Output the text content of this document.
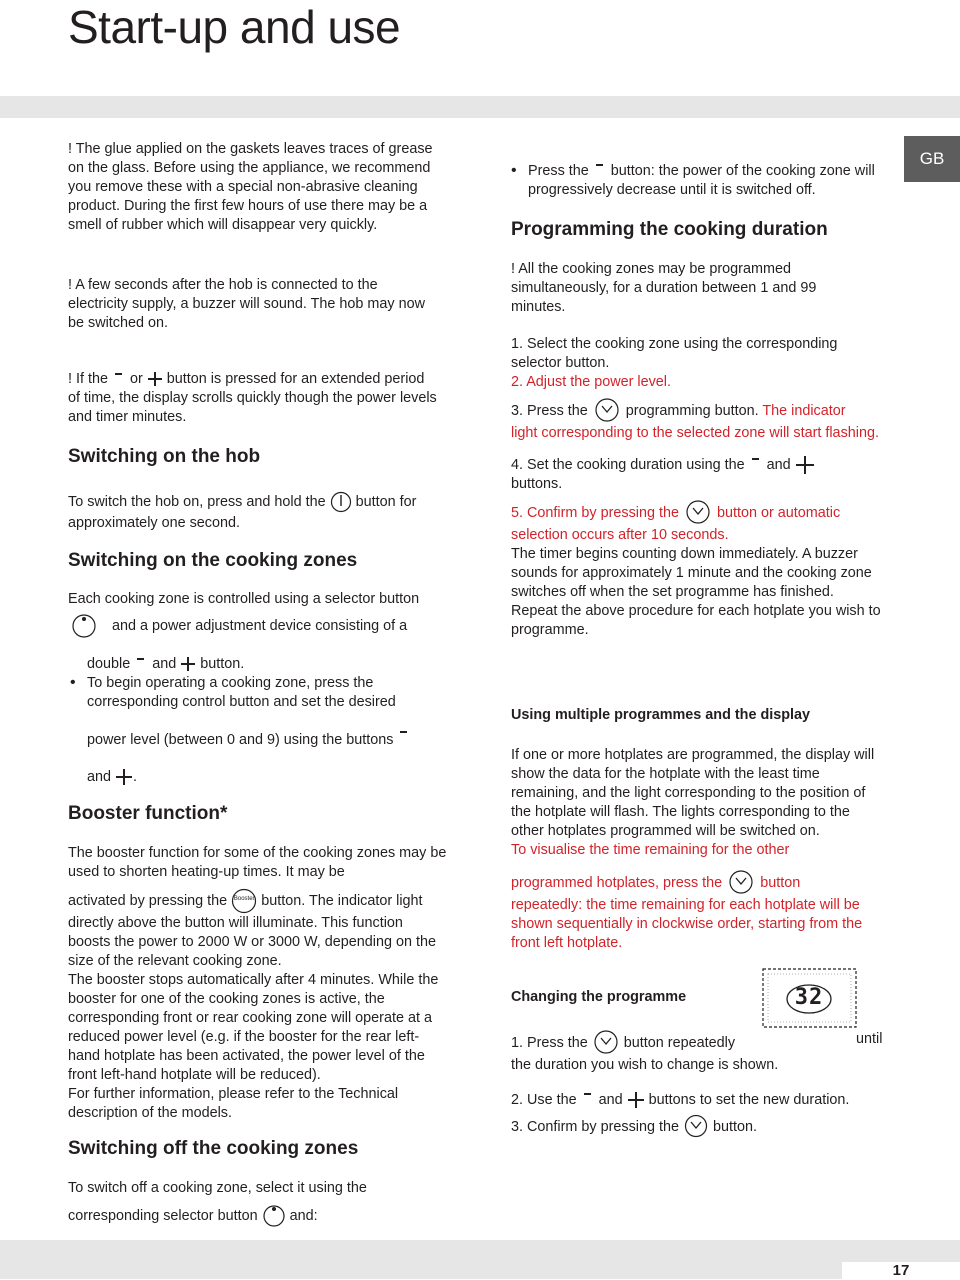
Start-up and use
GB

! The glue applied on the gaskets leaves traces of grease on the glass. Before using the appliance, we recommend you remove these with a special non-abrasive cleaning product. During the first few hours of use there may be a smell of rubber which will disappear very quickly.

! A few seconds after the hob is connected to the electricity supply, a buzzer will sound. The hob may now be switched on.

! If the or button is pressed for an extended period of time, the display scrolls quickly though the power levels and timer minutes.

Switching on the hob

To switch the hob on, press and hold the button for approximately one second.

Switching on the cooking zones

Each cooking zone is controlled using a selector button

and a power adjustment device consisting of a

double and button.

• To begin operating a cooking zone, press the corresponding control button and set the desired

power level (between 0 and 9) using the buttons

and .

Booster function*

The booster function for some of the cooking zones may be used to shorten heating-up times. It may be

activated by pressing the	Booster button. The indicator light

directly above the button will illuminate. This function boosts the power to 2000 W or 3000 W, depending on the size of the relevant cooking zone.

The booster stops automatically after 4 minutes. While the booster for one of the cooking zones is active, the corresponding front or rear cooking zone will operate at a reduced power level (e.g. if the booster for the rear left-hand hotplate has been activated, the power level of the front left-hand hotplate will be reduced).

For further information, please refer to the Technical description of the models.

Switching off the cooking zones

To switch off a cooking zone, select it using the

corresponding selector button and:

• Press the button: the power of the cooking zone will progressively decrease until it is switched off.

Programming the cooking duration

! All the cooking zones may be programmed simultaneously, for a duration between 1 and 99 minutes.

1. Select the cooking zone using the corresponding selector button.

2. Adjust the power level.

3. Press the	programming button. The indicator

light corresponding to the selected zone will start flashing.

4. Set the cooking duration using the and

buttons.

5. Confirm by pressing the	button or automatic selection occurs after 10 seconds.

The timer begins counting down immediately. A buzzer sounds for approximately 1 minute and the cooking zone switches off when the set programme has finished.

Repeat the above procedure for each hotplate you wish to programme.

Using multiple programmes and the display

If one or more hotplates are programmed, the display will show the data for the hotplate with the least time remaining, and the light corresponding to the position of the hotplate will flash. The lights corresponding to the other hotplates programmed will be switched on.

To visualise the time remaining for the other

programmed hotplates, press the	button

repeatedly: the time remaining for each hotplate will be shown sequentially in clockwise order, starting from the front left hotplate.

Changing the programme	32

1. Press the	button repeatedly	until

the duration you wish to change is shown.

2. Use the and buttons to set the new duration.

3. Confirm by pressing the button.

17
